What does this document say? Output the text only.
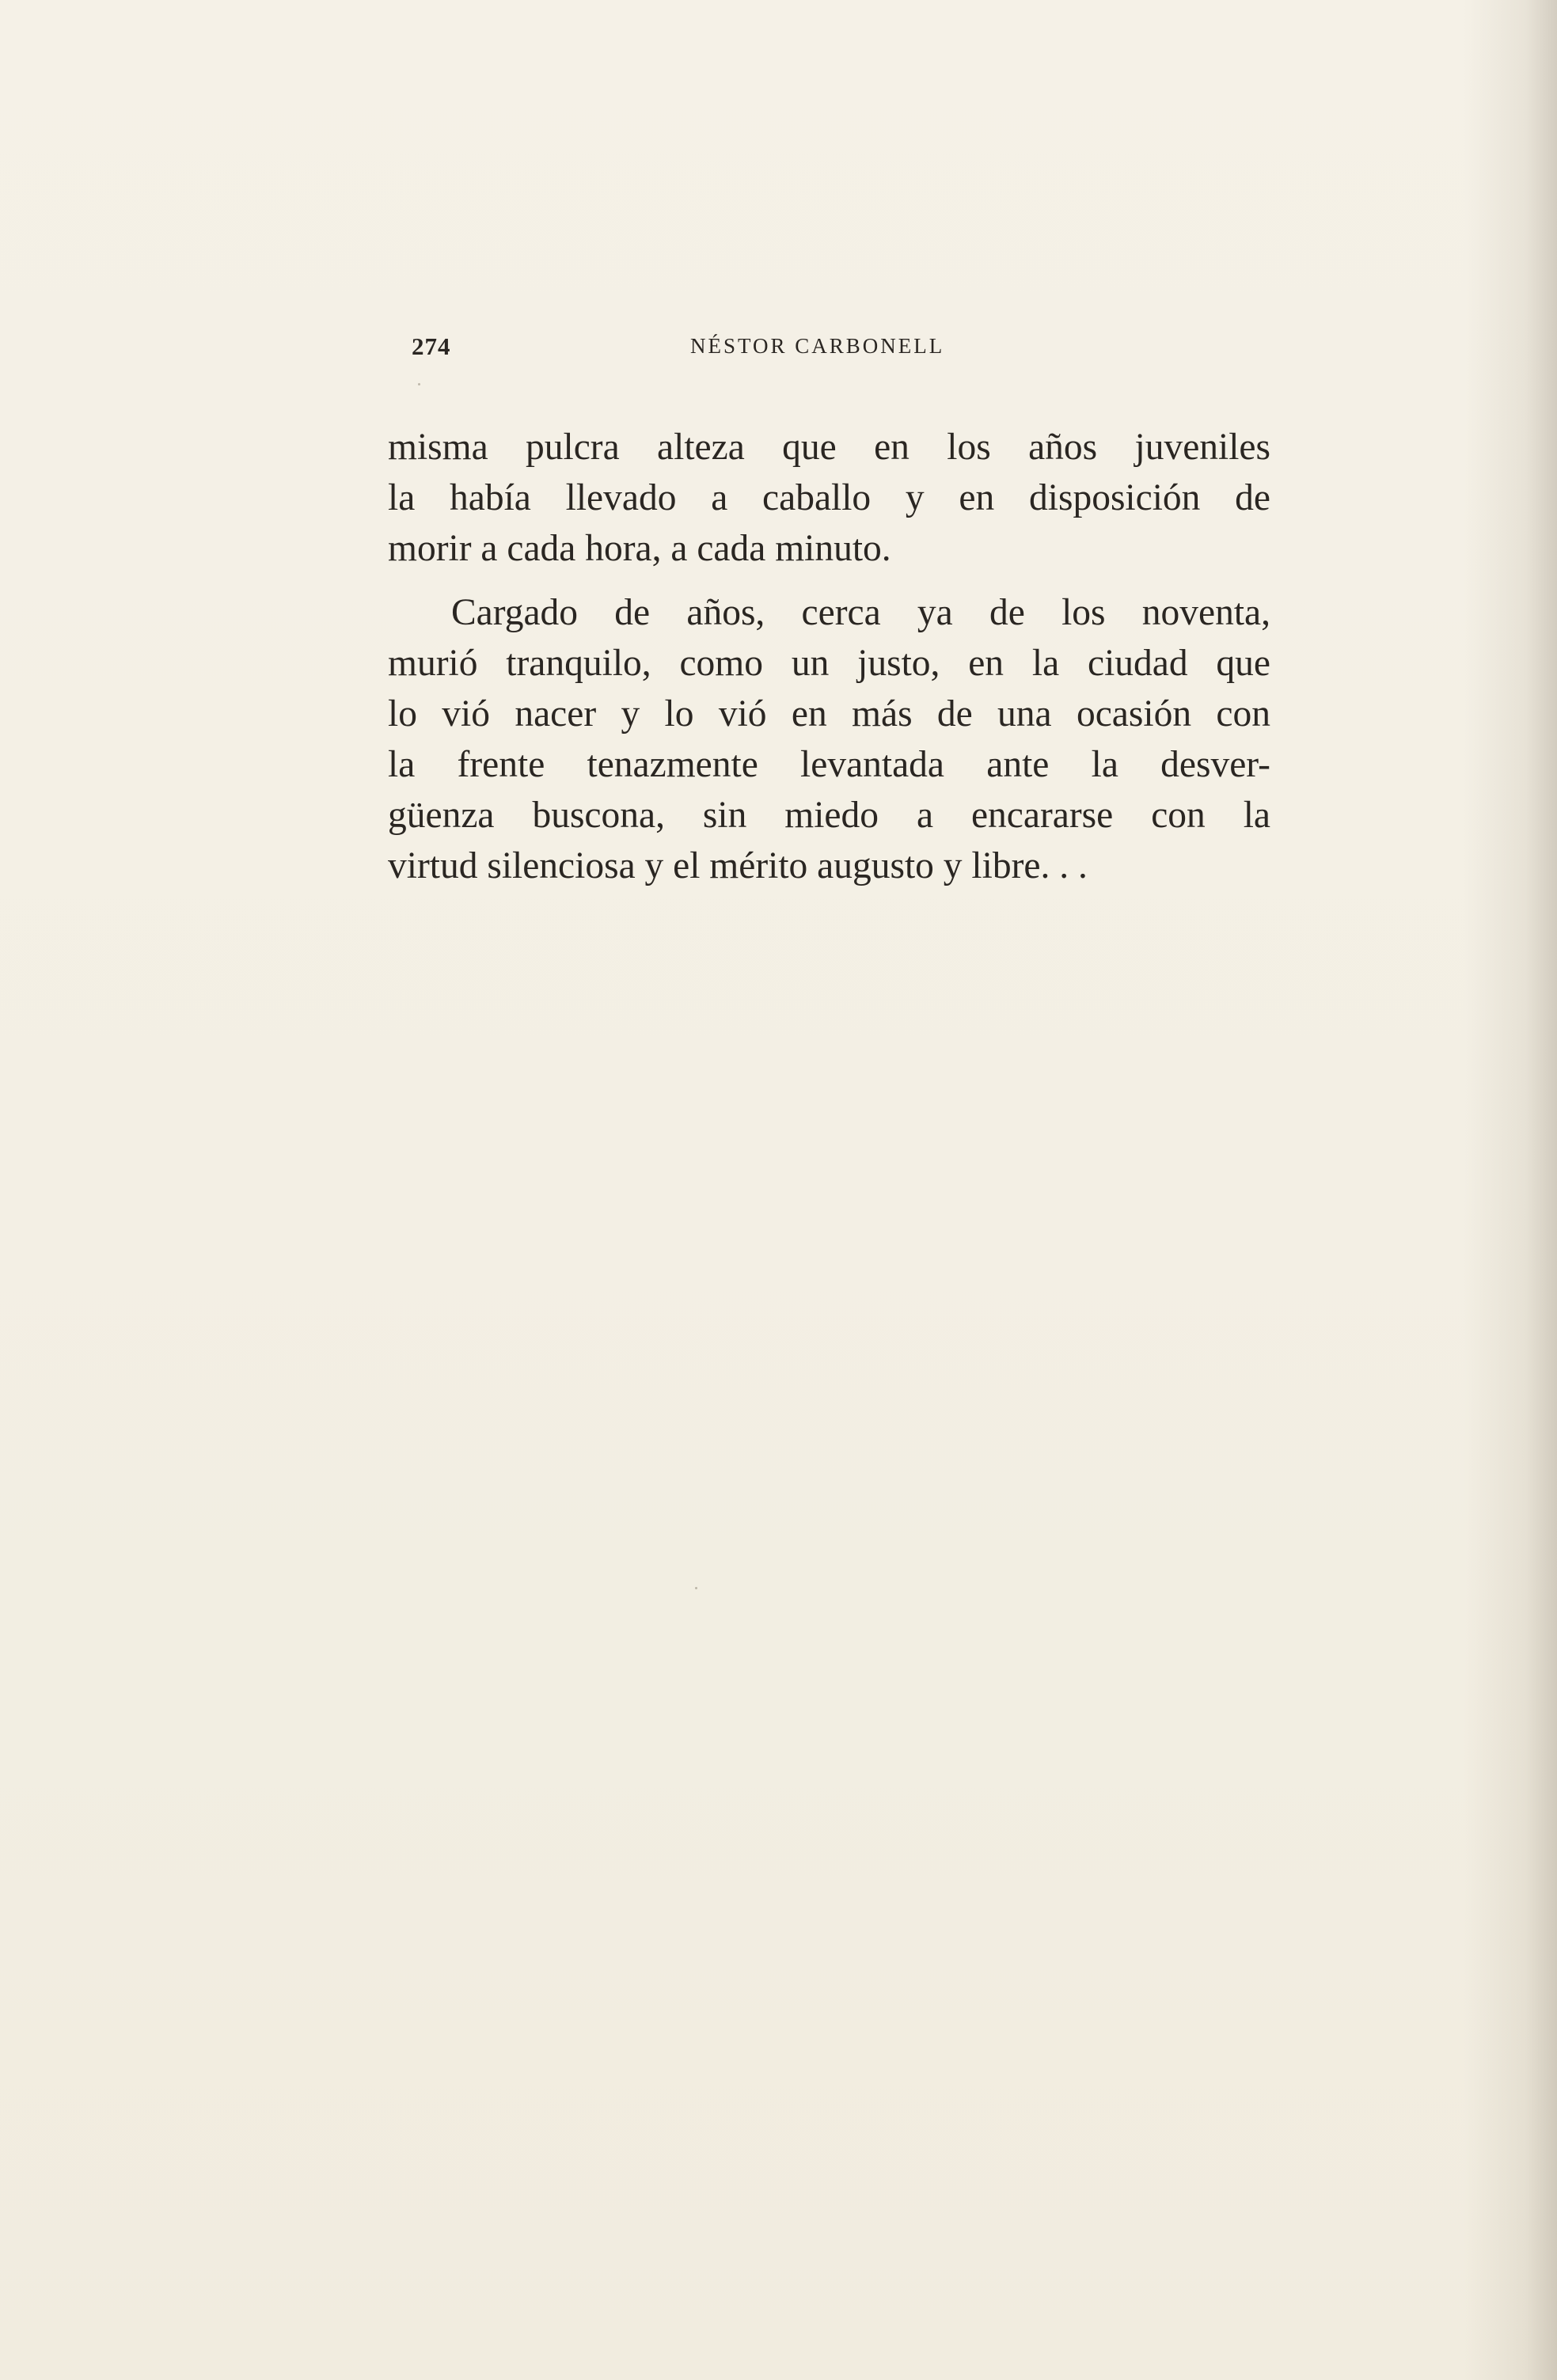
274	NÉSTOR CARBONELL

misma pulcra alteza que en los años juveniles
la había llevado a caballo y en disposición de
morir a cada hora, a cada minuto.

Cargado de años, cerca ya de los noventa,
murió tranquilo, como un justo, en la ciudad que
lo vió nacer y lo vió en más de una ocasión con
la frente tenazmente levantada ante la desver-
güenza buscona, sin miedo a encararse con la
virtud silenciosa y el mérito augusto y libre. . .
